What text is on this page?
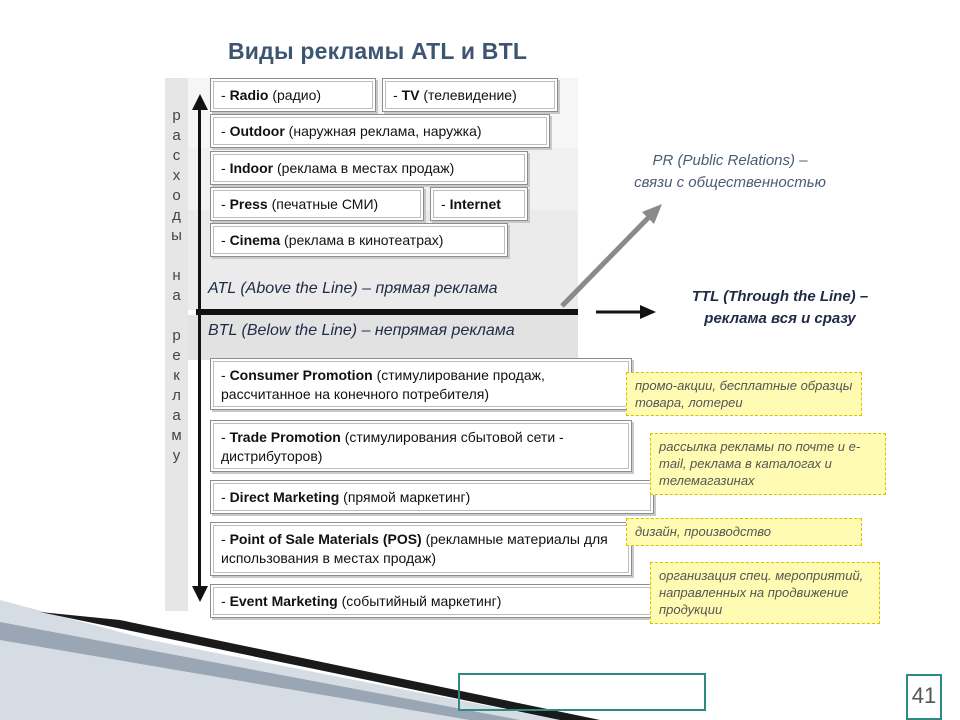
Виды рекламы ATL и BTL
р
а
с
х
о
д
ы
н
а
р
е
к
л
а
м
у
- Radio (радио)	- TV (телевидение)
- Outdoor (наружная реклама, наружка)
- Indoor (реклама в местах продаж)
- Press (печатные СМИ)	- Internet
- Cinema (реклама в кинотеатрах)
ATL (Above the Line) – прямая реклама
BTL (Below the Line) – непрямая реклама
PR (Public Relations) –
связи с общественностью
TTL (Through the Line) –
реклама вся и сразу
- Consumer Promotion (стимулирование продаж, рассчитанное на конечного потребителя)
- Trade Promotion (стимулирования сбытовой сети - дистрибуторов)
- Direct Marketing (прямой маркетинг)
- Point of Sale Materials (POS) (рекламные материалы для использования в местах продаж)
- Event Marketing (событийный маркетинг)
промо-акции, бесплатные образцы товара, лотереи
рассылка рекламы по почте и e-mail, реклама в каталогах и телемагазинах
дизайн, производство
организация спец. мероприятий, направленных на продвижение продукции
41
